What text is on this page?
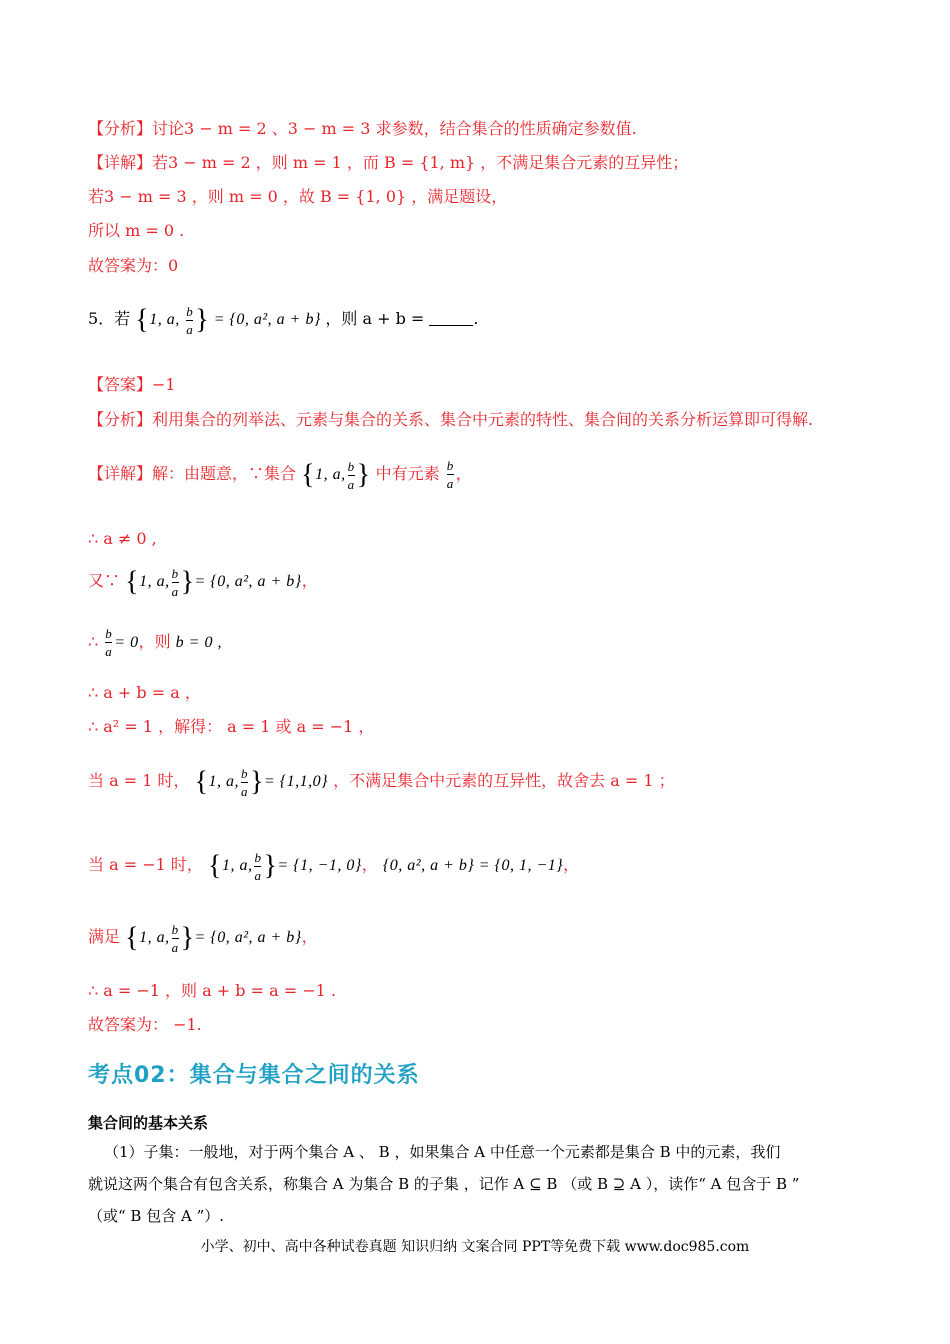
【分析】讨论3 − m = 2 、3 − m = 3 求参数，结合集合的性质确定参数值.
【详解】若3 − m = 2 ，则 m = 1 ，而 B = {1, m} ，不满足集合元素的互异性；
若3 − m = 3 ，则 m = 0 ，故 B = {1, 0} ，满足题设，
所以 m = 0 .
故答案为：0
5．若 {1, a, $\frac{b}{a}$ } = {0, a², a + b} ，则 a + b =	.
【答案】−1
【分析】利用集合的列举法、元素与集合的关系、集合中元素的特性、集合间的关系分析运算即可得解.
【详解】解：由题意，∵集合 {1, a, $\frac{b}{a}$ } 中有元素 $\frac{b}{a}$ ，
∴ a ≠ 0 ,
又∵ {1, a, $\frac{b}{a}$ }= {0, a², a + b}，
∴ $\frac{b}{a} = 0$，则 b = 0 ,
∴ a + b = a ，
∴ a² = 1 ，解得： a = 1 或 a = −1 ，
当 a = 1 时， {1, a, $\frac{b}{a}$ }= {1,1,0} ，不满足集合中元素的互异性，故舍去 a = 1 ；
当 a = −1 时， {1, a, $\frac{b}{a}$ }= {1, −1, 0}， {0, a², a + b} = {0, 1, −1}，
满足 {1, a, $\frac{b}{a}$ }= {0, a², a + b}，
∴ a = −1 ，则 a + b = a = −1 .
故答案为： −1.
考点02：集合与集合之间的关系
集合间的基本关系
（1）子集：一般地，对于两个集合 A 、 B ，如果集合 A 中任意一个元素都是集合 B 中的元素，我们
就说这两个集合有包含关系，称集合 A 为集合 B 的子集 ，记作 A ⊆ B （或 B ⊇ A ），读作“ A 包含于 B ”
（或“ B 包含 A ”）.
小学、初中、高中各种试卷真题 知识归纳 文案合同 PPT等免费下载 www.doc985.com
